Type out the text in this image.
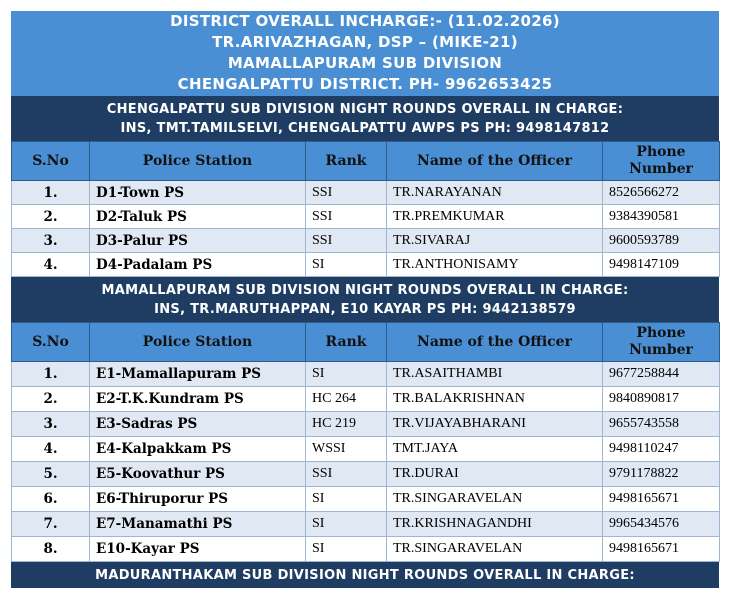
DISTRICT OVERALL INCHARGE:- (11.02.2026)
TR.ARIVAZHAGAN, DSP – (MIKE-21)
MAMALLAPURAM SUB DIVISION
CHENGALPATTU DISTRICT. PH- 9962653425
CHENGALPATTU SUB DIVISION NIGHT ROUNDS OVERALL IN CHARGE:
INS, TMT.TAMILSELVI, CHENGALPATTU AWPS PS PH: 9498147812
S.No	Police Station	Rank	Name of the Officer	Phone Number
1.	D1-Town PS	SSI	TR.NARAYANAN	8526566272
2.	D2-Taluk PS	SSI	TR.PREMKUMAR	9384390581
3.	D3-Palur PS	SSI	TR.SIVARAJ	9600593789
4.	D4-Padalam PS	SI	TR.ANTHONISAMY	9498147109
MAMALLAPURAM SUB DIVISION NIGHT ROUNDS OVERALL IN CHARGE:
INS, TR.MARUTHAPPAN, E10 KAYAR PS PH: 9442138579
S.No	Police Station	Rank	Name of the Officer	Phone Number
1.	E1-Mamallapuram PS	SI	TR.ASAITHAMBI	9677258844
2.	E2-T.K.Kundram PS	HC 264	TR.BALAKRISHNAN	9840890817
3.	E3-Sadras PS	HC 219	TR.VIJAYABHARANI	9655743558
4.	E4-Kalpakkam PS	WSSI	TMT.JAYA	9498110247
5.	E5-Koovathur PS	SSI	TR.DURAI	9791178822
6.	E6-Thiruporur PS	SI	TR.SINGARAVELAN	9498165671
7.	E7-Manamathi PS	SI	TR.KRISHNAGANDHI	9965434576
8.	E10-Kayar PS	SI	TR.SINGARAVELAN	9498165671
MADURANTHAKAM SUB DIVISION NIGHT ROUNDS OVERALL IN CHARGE:
